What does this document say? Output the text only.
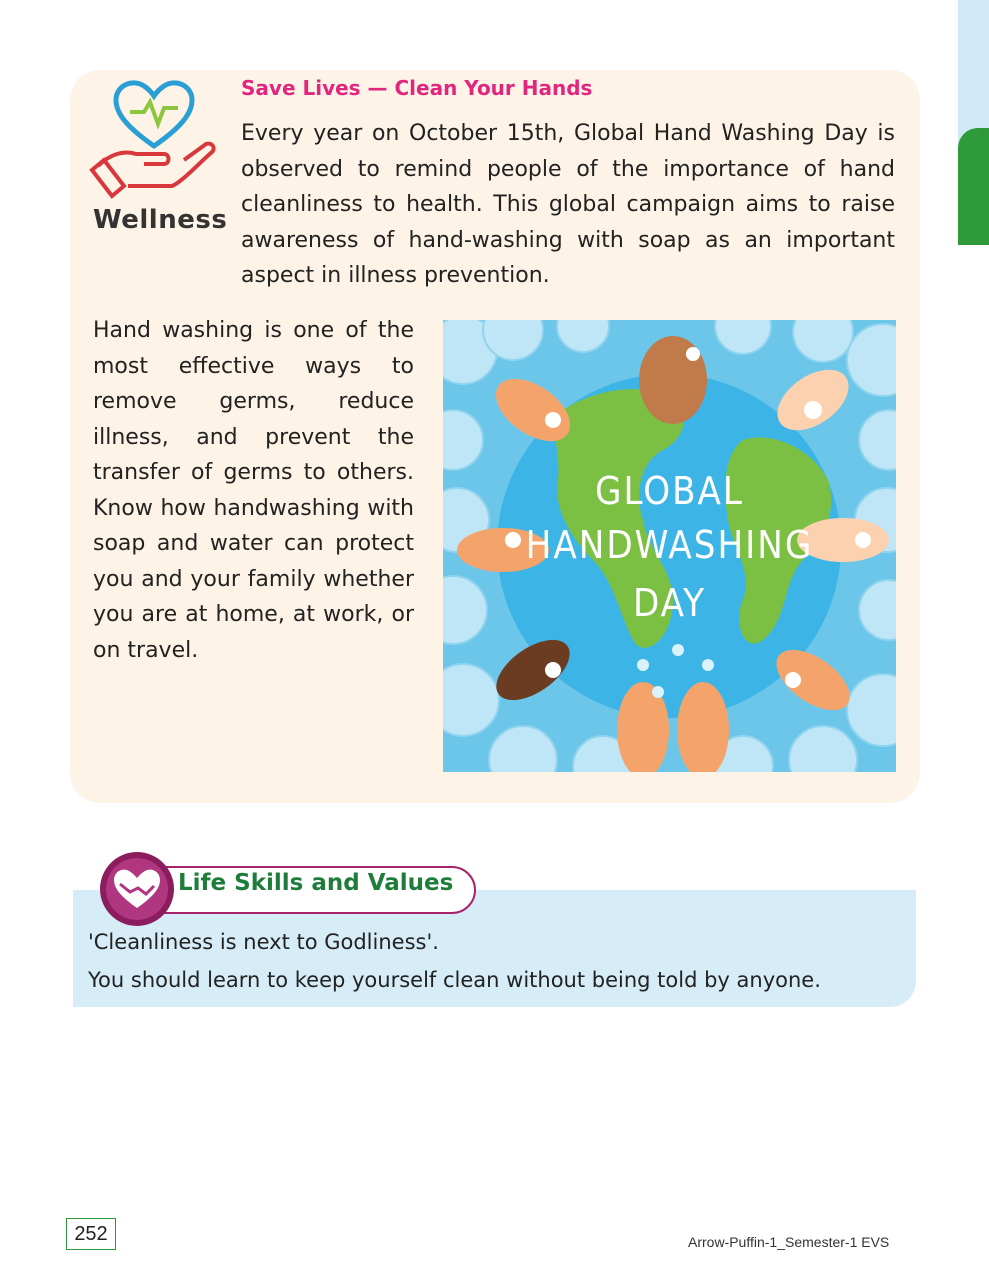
Wellness
Save Lives — Clean Your Hands
Every year on October 15th, Global Hand Washing Day is observed to remind people of the importance of hand cleanliness to health. This global campaign aims to raise awareness of hand-washing with soap as an important aspect in illness prevention.
Hand washing is one of the most effective ways to remove germs, reduce illness, and prevent the transfer of germs to others. Know how handwashing with soap and water can protect you and your family whether you are at home, at work, or on travel.
GLOBAL
HANDWASHING
DAY
Life Skills and Values
'Cleanliness is next to Godliness'.
You should learn to keep yourself clean without being told by anyone.
252	Arrow-Puffin-1_Semester-1 EVS
